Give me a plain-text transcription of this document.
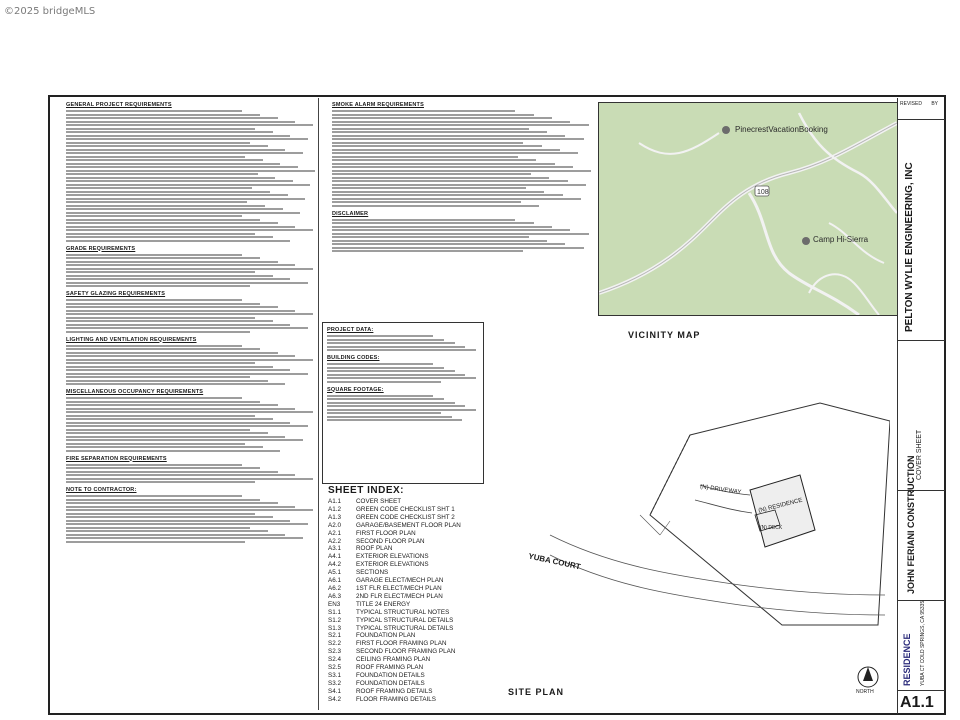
©2025 bridgeMLS
GENERAL PROJECT REQUIREMENTS
GRADE REQUIREMENTS
SAFETY GLAZING REQUIREMENTS
LIGHTING AND VENTILATION REQUIREMENTS
MISCELLANEOUS OCCUPANCY REQUIREMENTS
FIRE SEPARATION REQUIREMENTS
NOTE TO CONTRACTOR:
SMOKE ALARM REQUIREMENTS
DISCLAIMER
108
PinecrestVacationBooking
Camp Hi-Sierra
VICINITY MAP
PROJECT DATA:
BUILDING CODES:
SQUARE FOOTAGE:
SHEET INDEX:
A1.1	COVER SHEET
A1.2	GREEN CODE CHECKLIST SHT 1
A1.3	GREEN CODE CHECKLIST SHT 2
A2.0	GARAGE/BASEMENT FLOOR PLAN
A2.1	FIRST FLOOR PLAN
A2.2	SECOND FLOOR PLAN
A3.1	ROOF PLAN
A4.1	EXTERIOR ELEVATIONS
A4.2	EXTERIOR ELEVATIONS
A5.1	SECTIONS
A6.1	GARAGE ELECT/MECH PLAN
A6.2	1ST FLR ELECT/MECH PLAN
A6.3	2ND FLR ELECT/MECH PLAN
EN3	TITLE 24 ENERGY
S1.1	TYPICAL STRUCTURAL NOTES
S1.2	TYPICAL STRUCTURAL DETAILS
S1.3	TYPICAL STRUCTURAL DETAILS
S2.1	FOUNDATION PLAN
S2.2	FIRST FLOOR FRAMING PLAN
S2.3	SECOND FLOOR FRAMING PLAN
S2.4	CEILING FRAMING PLAN
S2.5	ROOF FRAMING PLAN
S3.1	FOUNDATION DETAILS
S3.2	FOUNDATION DETAILS
S4.1	ROOF FRAMING DETAILS
S4.2	FLOOR FRAMING DETAILS
YUBA COURT
(N) DRIVEWAY
(N) RESIDENCE
(N) DECK
NORTH
SITE PLAN
REVISED BY
PELTON WYLIE ENGINEERING, INC
COVER SHEET
JOHN FERIANI CONSTRUCTION
RESIDENCE YUBA CT COLD SPRINGS, CA 95335
A1.1
